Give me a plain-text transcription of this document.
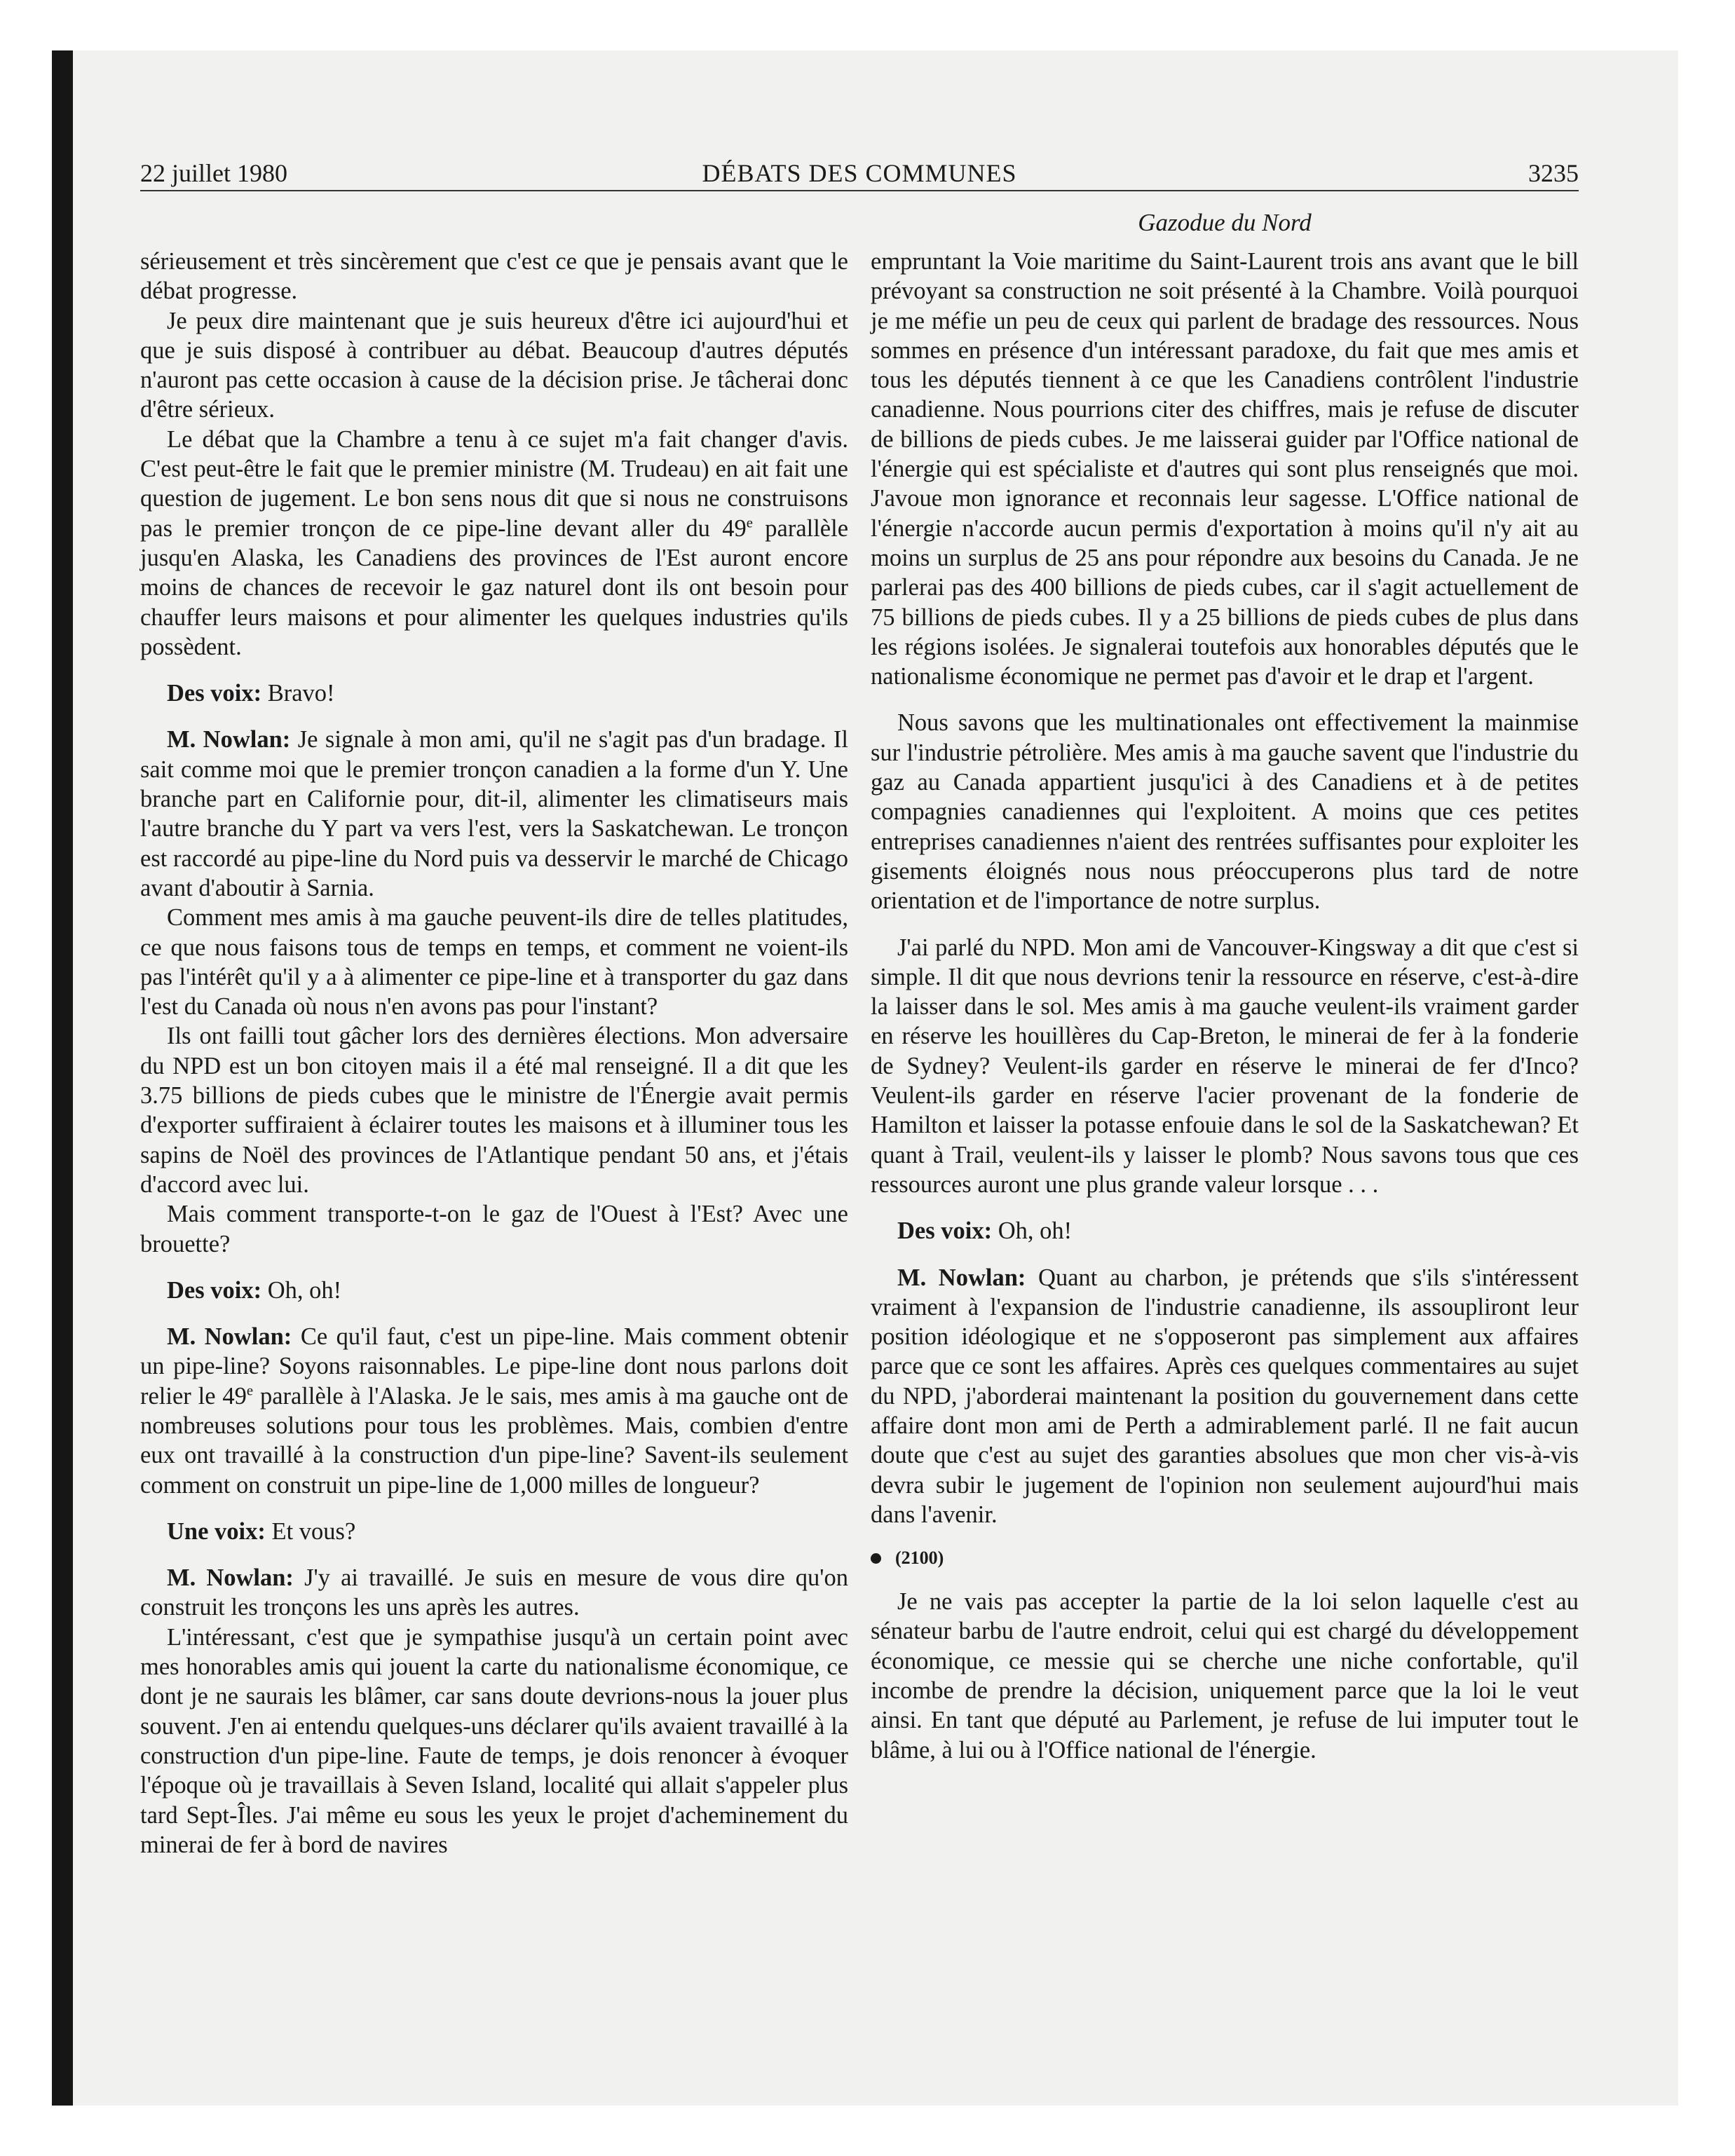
22 juillet 1980	DÉBATS DES COMMUNES	3235
Gazodue du Nord

sérieusement et très sincèrement que c'est ce que je pensais avant que le débat progresse.

Je peux dire maintenant que je suis heureux d'être ici aujourd'hui et que je suis disposé à contribuer au débat. Beaucoup d'autres députés n'auront pas cette occasion à cause de la décision prise. Je tâcherai donc d'être sérieux.

Le débat que la Chambre a tenu à ce sujet m'a fait changer d'avis. C'est peut-être le fait que le premier ministre (M. Trudeau) en ait fait une question de jugement. Le bon sens nous dit que si nous ne construisons pas le premier tronçon de ce pipe-line devant aller du 49e parallèle jusqu'en Alaska, les Canadiens des provinces de l'Est auront encore moins de chances de recevoir le gaz naturel dont ils ont besoin pour chauffer leurs maisons et pour alimenter les quelques industries qu'ils possèdent.

Des voix: Bravo!

M. Nowlan: Je signale à mon ami, qu'il ne s'agit pas d'un bradage. Il sait comme moi que le premier tronçon canadien a la forme d'un Y. Une branche part en Californie pour, dit-il, alimenter les climatiseurs mais l'autre branche du Y part va vers l'est, vers la Saskatchewan. Le tronçon est raccordé au pipe-line du Nord puis va desservir le marché de Chicago avant d'aboutir à Sarnia.

Comment mes amis à ma gauche peuvent-ils dire de telles platitudes, ce que nous faisons tous de temps en temps, et comment ne voient-ils pas l'intérêt qu'il y a à alimenter ce pipe-line et à transporter du gaz dans l'est du Canada où nous n'en avons pas pour l'instant?

Ils ont failli tout gâcher lors des dernières élections. Mon adversaire du NPD est un bon citoyen mais il a été mal renseigné. Il a dit que les 3.75 billions de pieds cubes que le ministre de l'Énergie avait permis d'exporter suffiraient à éclairer toutes les maisons et à illuminer tous les sapins de Noël des provinces de l'Atlantique pendant 50 ans, et j'étais d'accord avec lui.

Mais comment transporte-t-on le gaz de l'Ouest à l'Est? Avec une brouette?

Des voix: Oh, oh!

M. Nowlan: Ce qu'il faut, c'est un pipe-line. Mais comment obtenir un pipe-line? Soyons raisonnables. Le pipe-line dont nous parlons doit relier le 49e parallèle à l'Alaska. Je le sais, mes amis à ma gauche ont de nombreuses solutions pour tous les problèmes. Mais, combien d'entre eux ont travaillé à la construction d'un pipe-line? Savent-ils seulement comment on construit un pipe-line de 1,000 milles de longueur?

Une voix: Et vous?

M. Nowlan: J'y ai travaillé. Je suis en mesure de vous dire qu'on construit les tronçons les uns après les autres.

L'intéressant, c'est que je sympathise jusqu'à un certain point avec mes honorables amis qui jouent la carte du nationalisme économique, ce dont je ne saurais les blâmer, car sans doute devrions-nous la jouer plus souvent. J'en ai entendu quelques-uns déclarer qu'ils avaient travaillé à la construction d'un pipe-line. Faute de temps, je dois renoncer à évoquer l'époque où je travaillais à Seven Island, localité qui allait s'appeler plus tard Sept-Îles. J'ai même eu sous les yeux le projet d'acheminement du minerai de fer à bord de navires

empruntant la Voie maritime du Saint-Laurent trois ans avant que le bill prévoyant sa construction ne soit présenté à la Chambre. Voilà pourquoi je me méfie un peu de ceux qui parlent de bradage des ressources. Nous sommes en présence d'un intéressant paradoxe, du fait que mes amis et tous les députés tiennent à ce que les Canadiens contrôlent l'industrie canadienne. Nous pourrions citer des chiffres, mais je refuse de discuter de billions de pieds cubes. Je me laisserai guider par l'Office national de l'énergie qui est spécialiste et d'autres qui sont plus renseignés que moi. J'avoue mon ignorance et reconnais leur sagesse. L'Office national de l'énergie n'accorde aucun permis d'exportation à moins qu'il n'y ait au moins un surplus de 25 ans pour répondre aux besoins du Canada. Je ne parlerai pas des 400 billions de pieds cubes, car il s'agit actuellement de 75 billions de pieds cubes. Il y a 25 billions de pieds cubes de plus dans les régions isolées. Je signalerai toutefois aux honorables députés que le nationalisme économique ne permet pas d'avoir et le drap et l'argent.

Nous savons que les multinationales ont effectivement la mainmise sur l'industrie pétrolière. Mes amis à ma gauche savent que l'industrie du gaz au Canada appartient jusqu'ici à des Canadiens et à de petites compagnies canadiennes qui l'exploitent. A moins que ces petites entreprises canadiennes n'aient des rentrées suffisantes pour exploiter les gisements éloignés nous nous préoccuperons plus tard de notre orientation et de l'importance de notre surplus.

J'ai parlé du NPD. Mon ami de Vancouver-Kingsway a dit que c'est si simple. Il dit que nous devrions tenir la ressource en réserve, c'est-à-dire la laisser dans le sol. Mes amis à ma gauche veulent-ils vraiment garder en réserve les houillères du Cap-Breton, le minerai de fer à la fonderie de Sydney? Veulent-ils garder en réserve le minerai de fer d'Inco? Veulent-ils garder en réserve l'acier provenant de la fonderie de Hamilton et laisser la potasse enfouie dans le sol de la Saskatchewan? Et quant à Trail, veulent-ils y laisser le plomb? Nous savons tous que ces ressources auront une plus grande valeur lorsque . . .

Des voix: Oh, oh!

M. Nowlan: Quant au charbon, je prétends que s'ils s'intéressent vraiment à l'expansion de l'industrie canadienne, ils assoupliront leur position idéologique et ne s'opposeront pas simplement aux affaires parce que ce sont les affaires. Après ces quelques commentaires au sujet du NPD, j'aborderai maintenant la position du gouvernement dans cette affaire dont mon ami de Perth a admirablement parlé. Il ne fait aucun doute que c'est au sujet des garanties absolues que mon cher vis-à-vis devra subir le jugement de l'opinion non seulement aujourd'hui mais dans l'avenir.

(2100)

Je ne vais pas accepter la partie de la loi selon laquelle c'est au sénateur barbu de l'autre endroit, celui qui est chargé du développement économique, ce messie qui se cherche une niche confortable, qu'il incombe de prendre la décision, uniquement parce que la loi le veut ainsi. En tant que député au Parlement, je refuse de lui imputer tout le blâme, à lui ou à l'Office national de l'énergie.
